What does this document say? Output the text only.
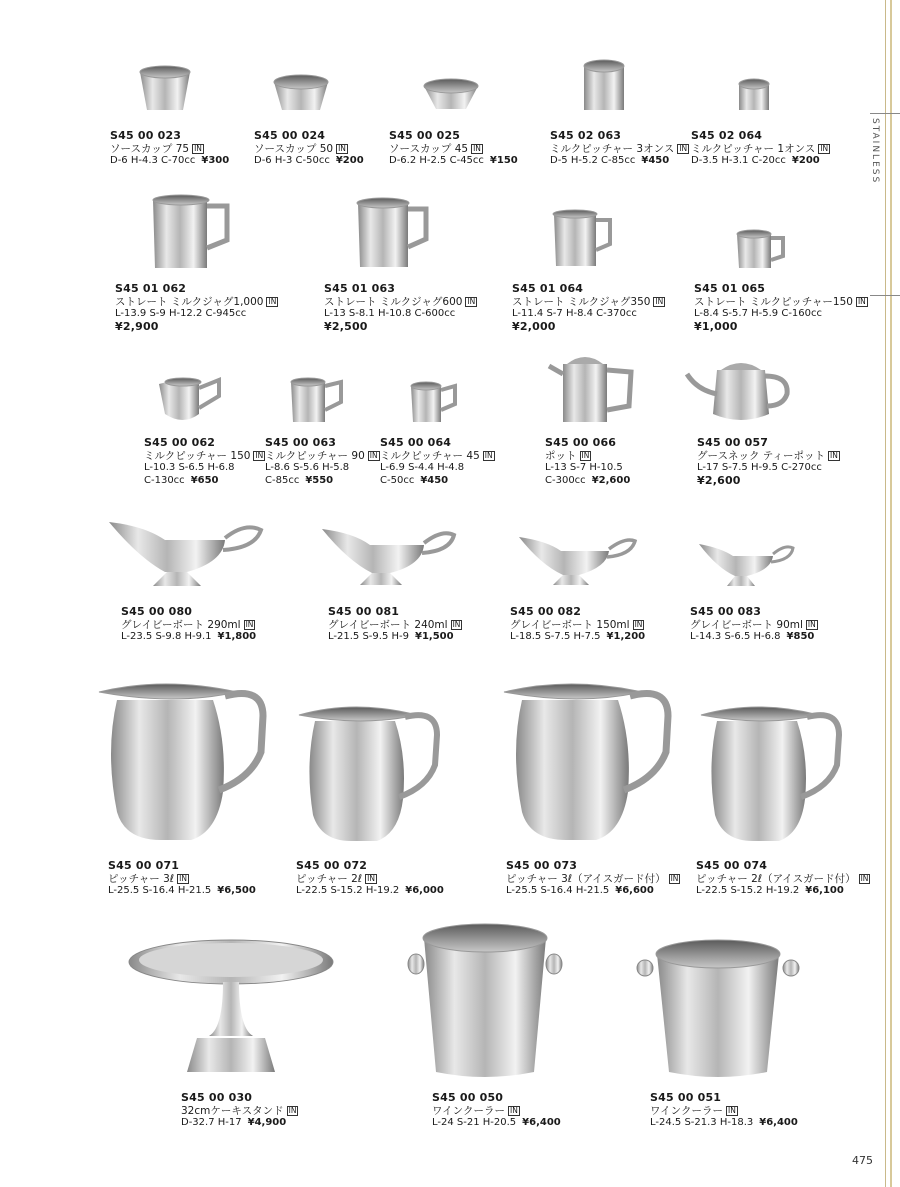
STAINLESS
475
S45 00 023
ソースカップ 75 IN
D-6 H-4.3 C-70cc ¥300
S45 00 024
ソースカップ 50 IN
D-6 H-3 C-50cc ¥200
S45 00 025
ソースカップ 45 IN
D-6.2 H-2.5 C-45cc ¥150
S45 02 063
ミルクピッチャー 3オンス IN
D-5 H-5.2 C-85cc ¥450
S45 02 064
ミルクピッチャー 1オンス IN
D-3.5 H-3.1 C-20cc ¥200
S45 01 062
ストレート ミルクジャグ1,000 IN
L-13.9 S-9 H-12.2 C-945cc
¥2,900
S45 01 063
ストレート ミルクジャグ600 IN
L-13 S-8.1 H-10.8 C-600cc
¥2,500
S45 01 064
ストレート ミルクジャグ350 IN
L-11.4 S-7 H-8.4 C-370cc
¥2,000
S45 01 065
ストレート ミルクピッチャー150 IN
L-8.4 S-5.7 H-5.9 C-160cc
¥1,000
S45 00 062
ミルクピッチャー 150 IN
L-10.3 S-6.5 H-6.8
C-130cc ¥650
S45 00 063
ミルクピッチャー 90 IN
L-8.6 S-5.6 H-5.8
C-85cc ¥550
S45 00 064
ミルクピッチャー 45 IN
L-6.9 S-4.4 H-4.8
C-50cc ¥450
S45 00 066
ポット IN
L-13 S-7 H-10.5
C-300cc ¥2,600
S45 00 057
グースネック ティーポット IN
L-17 S-7.5 H-9.5 C-270cc
¥2,600
S45 00 080
グレイビーボート 290ml IN
L-23.5 S-9.8 H-9.1 ¥1,800
S45 00 081
グレイビーボート 240ml IN
L-21.5 S-9.5 H-9 ¥1,500
S45 00 082
グレイビーボート 150ml IN
L-18.5 S-7.5 H-7.5 ¥1,200
S45 00 083
グレイビーボート 90ml IN
L-14.3 S-6.5 H-6.8 ¥850
S45 00 071
ピッチャー 3ℓ IN
L-25.5 S-16.4 H-21.5 ¥6,500
S45 00 072
ピッチャー 2ℓ IN
L-22.5 S-15.2 H-19.2 ¥6,000
S45 00 073
ピッチャー 3ℓ（アイスガード付） IN
L-25.5 S-16.4 H-21.5 ¥6,600
S45 00 074
ピッチャー 2ℓ（アイスガード付） IN
L-22.5 S-15.2 H-19.2 ¥6,100
S45 00 030
32cmケーキスタンド IN
D-32.7 H-17 ¥4,900
S45 00 050
ワインクーラー IN
L-24 S-21 H-20.5 ¥6,400
S45 00 051
ワインクーラー IN
L-24.5 S-21.3 H-18.3 ¥6,400
